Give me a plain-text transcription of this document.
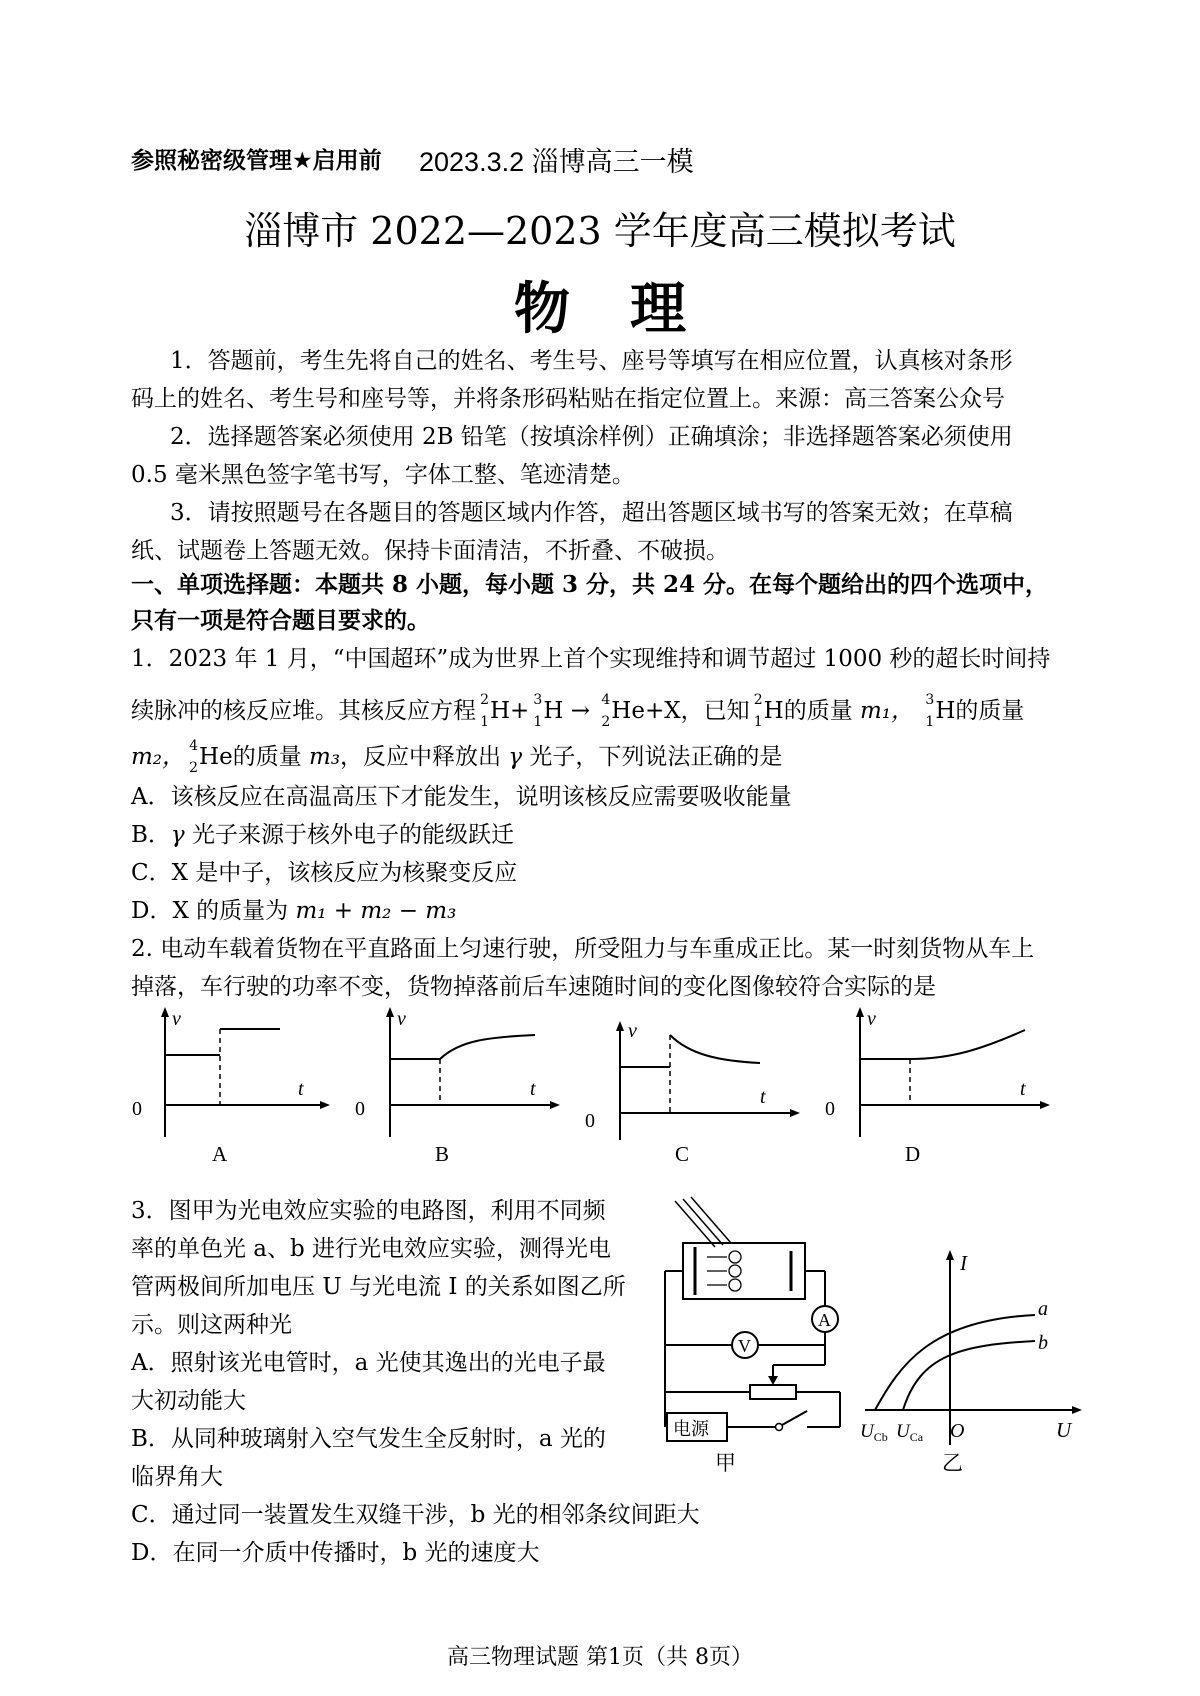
参照秘密级管理★启用前 2023.3.2 淄博高三一模
淄博市 2022—2023 学年度高三模拟考试
物理
1．答题前，考生先将自己的姓名、考生号、座号等填写在相应位置，认真核对条形
码上的姓名、考生号和座号等，并将条形码粘贴在指定位置上。来源：高三答案公众号
2．选择题答案必须使用 2B 铅笔（按填涂样例）正确填涂；非选择题答案必须使用
0.5 毫米黑色签字笔书写，字体工整、笔迹清楚。
3．请按照题号在各题目的答题区域内作答，超出答题区域书写的答案无效；在草稿
纸、试题卷上答题无效。保持卡面清洁，不折叠、不破损。
一、单项选择题：本题共 8 小题，每小题 3 分，共 24 分。在每个题给出的四个选项中，
只有一项是符合题目要求的。
1．2023 年 1 月，“中国超环”成为世界上首个实现维持和调节超过 1000 秒的超长时间持
续脉冲的核反应堆。其核反应方程 2
1 H+ 3
1 H → 4
2 He+X，已知 2
1 H的质量 m₁， 3
1 H的质量
m₂， 4
2 He的质量 m₃，反应中释放出 γ 光子，下列说法正确的是
A．该核反应在高温高压下才能发生，说明该核反应需要吸收能量
B．γ 光子来源于核外电子的能级跃迁
C．X 是中子，该核反应为核聚变反应
D．X 的质量为 m₁ + m₂ − m₃
2. 电动车载着货物在平直路面上匀速行驶，所受阻力与车重成正比。某一时刻货物从车上
掉落，车行驶的功率不变，货物掉落前后车速随时间的变化图像较符合实际的是
v
t
0
A
v
t
0
B
v
t
0
C
v
t
0
D
3．图甲为光电效应实验的电路图，利用不同频
率的单色光 a、b 进行光电效应实验，测得光电
管两极间所加电压 U 与光电流 I 的关系如图乙所
示。则这两种光
A．照射该光电管时，a 光使其逸出的光电子最
大初动能大
B．从同种玻璃射入空气发生全反射时，a 光的
临界角大
C．通过同一装置发生双缝干涉，b 光的相邻条纹间距大
D．在同一介质中传播时，b 光的速度大
A
V
电源
甲
I
a
b
$U_{Cb}$ $U_{Ca}$ O	U
乙
高三物理试题 第1页（共 8页）
